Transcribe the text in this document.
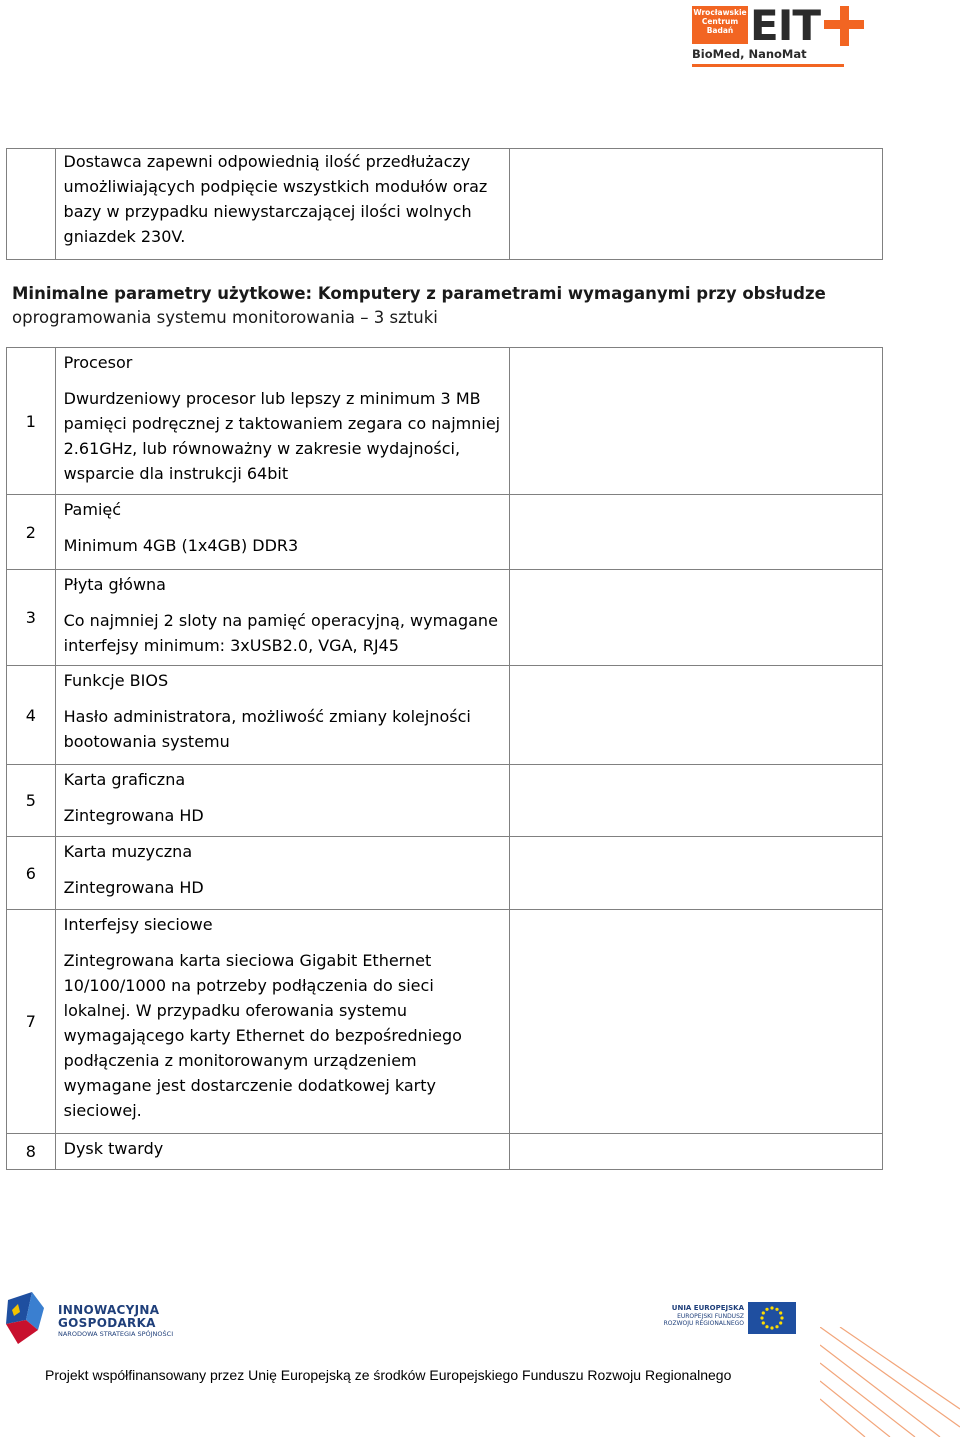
Wrocławskie
Centrum
Badań EIT
BioMed, NanoMat

Dostawca zapewni odpowiednią ilość przedłużaczy umożliwiających podpięcie wszystkich modułów oraz bazy w przypadku niewystarczającej ilości wolnych gniazdek 230V.

Minimalne parametry użytkowe: Komputery z parametrami wymaganymi przy obsłudze
oprogramowania systemu monitorowania – 3 sztuki
1	Procesor
Dwurdzeniowy procesor lub lepszy z minimum 3 MB pamięci podręcznej z taktowaniem zegara co najmniej 2.61GHz, lub równoważny w zakresie wydajności, wsparcie dla instrukcji 64bit	

2	Pamięć
Minimum 4GB (1x4GB) DDR3	

3	Płyta główna
Co najmniej 2 sloty na pamięć operacyjną, wymagane interfejsy minimum: 3xUSB2.0, VGA, RJ45	

4	Funkcje BIOS
Hasło administratora, możliwość zmiany kolejności bootowania systemu	

5	Karta graficzna
Zintegrowana HD	

6	Karta muzyczna
Zintegrowana HD	

7	Interfejsy sieciowe
Zintegrowana karta sieciowa Gigabit Ethernet 10/100/1000 na potrzeby podłączenia do sieci lokalnej. W przypadku oferowania systemu wymagającego karty Ethernet do bezpośredniego podłączenia z monitorowanym urządzeniem wymagane jest dostarczenie dodatkowej karty sieciowej.	

8	Dysk twardy	

INNOWACYJNA
GOSPODARKA
NARODOWA STRATEGIA SPÓJNOŚCI
UNIA EUROPEJSKA
EUROPEJSKI FUNDUSZ
ROZWOJU REGIONALNEGO
Projekt współfinansowany przez Unię Europejską ze środków Europejskiego Funduszu Rozwoju Regionalnego
